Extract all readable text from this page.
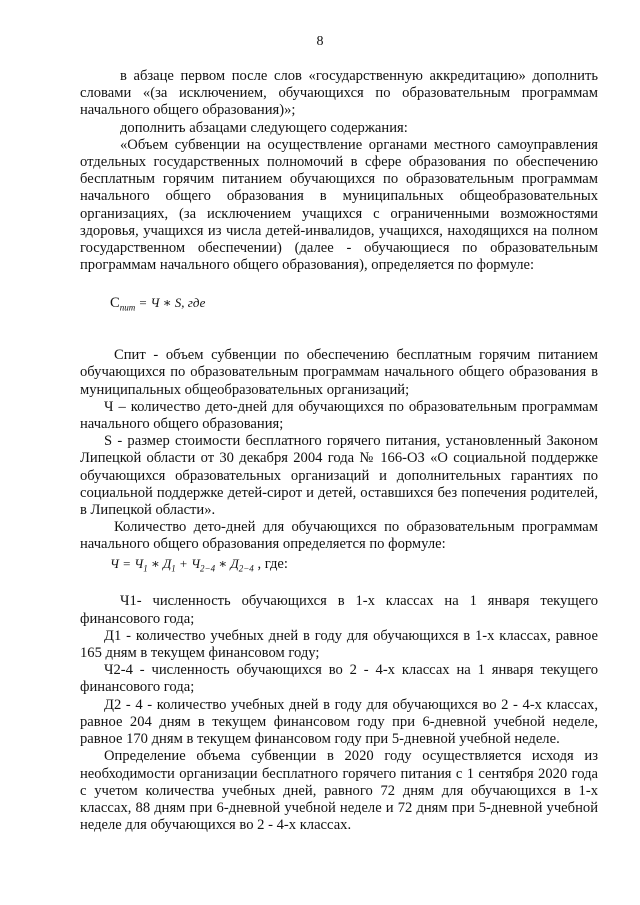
8

в абзаце первом после слов «государственную аккредитацию» дополнить словами «(за исключением, обучающихся по образовательным программам начального общего образования)»;

дополнить абзацами следующего содержания:

«Объем субвенции на осуществление органами местного самоуправления отдельных государственных полномочий в сфере образования по обеспечению бесплатным горячим питанием обучающихся по образовательным программам начального общего образования в муниципальных общеобразовательных организациях, (за исключением учащихся с ограниченными возможностями здоровья, учащихся из числа детей-инвалидов, учащихся, находящихся на полном государственном обеспечении) (далее - обучающиеся по образовательным программам начального общего образования), определяется по формуле:

$С_{пит} = Ч$ ∗ S, где

Спит - объем субвенции по обеспечению бесплатным горячим питанием обучающихся по образовательным программам начального общего образования в муниципальных общеобразовательных организаций;

Ч – количество дето-дней для обучающихся по образовательным программам начального общего образования;

S - размер стоимости бесплатного горячего питания, установленный Законом Липецкой области от 30 декабря 2004 года № 166-ОЗ «О социальной поддержке обучающихся образовательных организаций и дополнительных гарантиях по социальной поддержке детей-сирот и детей, оставшихся без попечения родителей, в Липецкой области».

Количество дето-дней для обучающихся по образовательным программам начального общего образования определяется по формуле:

$Ч = Ч_1$ ∗ $Д_1 + Ч_{2-4}$ ∗ $Д_{2-4}$ , где:

Ч1- численность обучающихся в 1-х классах на 1 января текущего финансового года;

Д1 - количество учебных дней в году для обучающихся в 1-х классах, равное 165 дням в текущем финансовом году;

Ч2-4 - численность обучающихся во 2 - 4-х классах на 1 января текущего финансового года;

Д2 - 4 - количество учебных дней в году для обучающихся во 2 - 4-х классах, равное 204 дням в текущем финансовом году при 6-дневной учебной неделе, равное 170 дням в текущем финансовом году при 5-дневной учебной неделе.

Определение объема субвенции в 2020 году осуществляется исходя из необходимости организации бесплатного горячего питания с 1 сентября 2020 года с учетом количества учебных дней, равного 72 дням для обучающихся в 1-х классах, 88 дням при 6-дневной учебной неделе и 72 дням при 5-дневной учебной неделе для обучающихся во 2 - 4-х классах.
